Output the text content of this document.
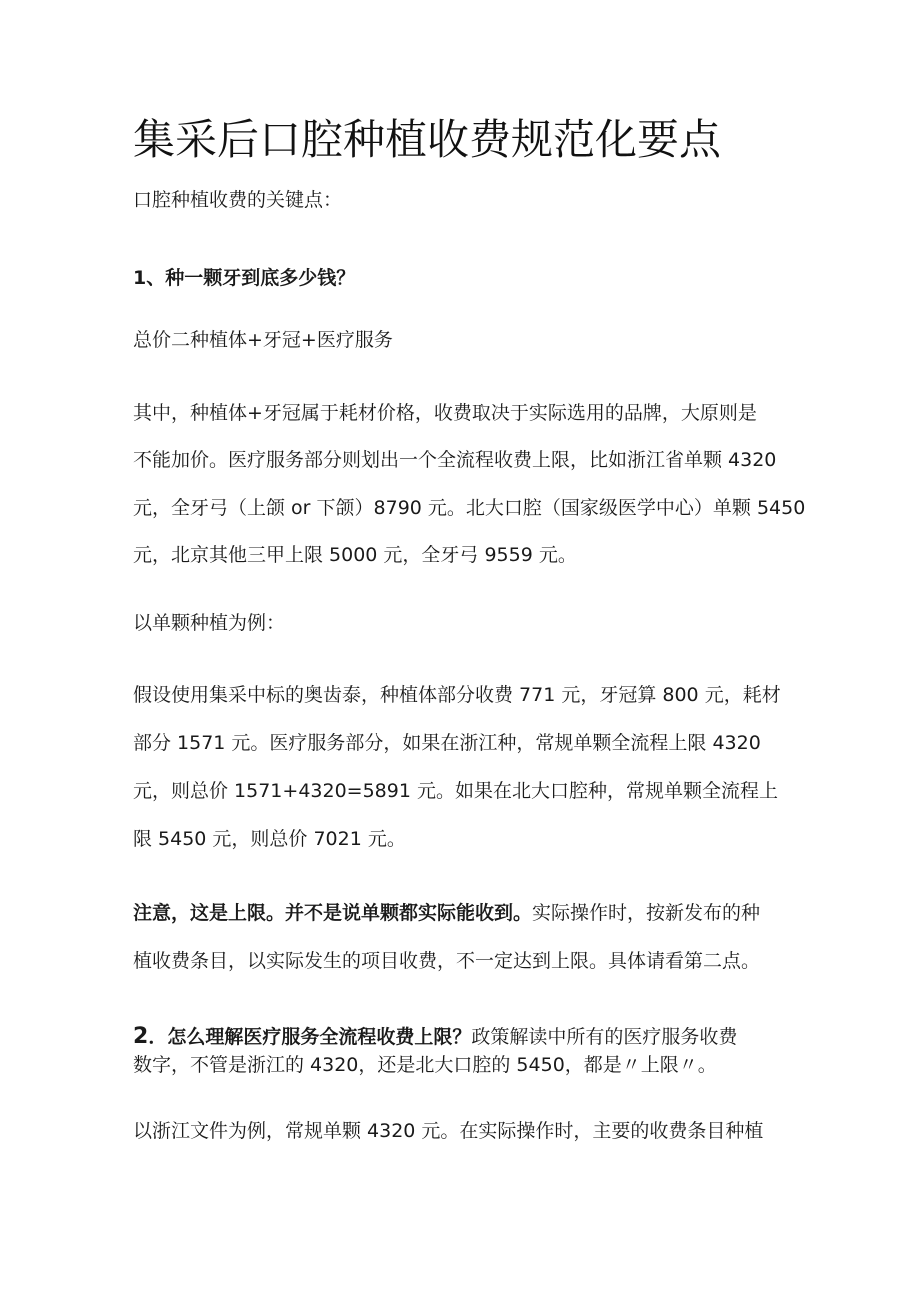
集采后口腔种植收费规范化要点
口腔种植收费的关键点：
1、种一颗牙到底多少钱？
总价二种植体+牙冠+医疗服务
其中，种植体+牙冠属于耗材价格，收费取决于实际选用的品牌，大原则是
不能加价。医疗服务部分则划出一个全流程收费上限，比如浙江省单颗 4320
元，全牙弓（上颌 or 下颌）8790 元。北大口腔（国家级医学中心）单颗 5450
元，北京其他三甲上限 5000 元，全牙弓 9559 元。
以单颗种植为例：
假设使用集采中标的奥齿泰，种植体部分收费 771 元，牙冠算 800 元，耗材
部分 1571 元。医疗服务部分，如果在浙江种，常规单颗全流程上限 4320
元，则总价 1571+4320=5891 元。如果在北大口腔种，常规单颗全流程上
限 5450 元，则总价 7021 元。
注意，这是上限。并不是说单颗都实际能收到。实际操作时，按新发布的种
植收费条目，以实际发生的项目收费，不一定达到上限。具体请看第二点。
2．怎么理解医疗服务全流程收费上限？政策解读中所有的医疗服务收费
数字，不管是浙江的 4320，还是北大口腔的 5450，都是〃上限〃。
以浙江文件为例，常规单颗 4320 元。在实际操作时，主要的收费条目种植
